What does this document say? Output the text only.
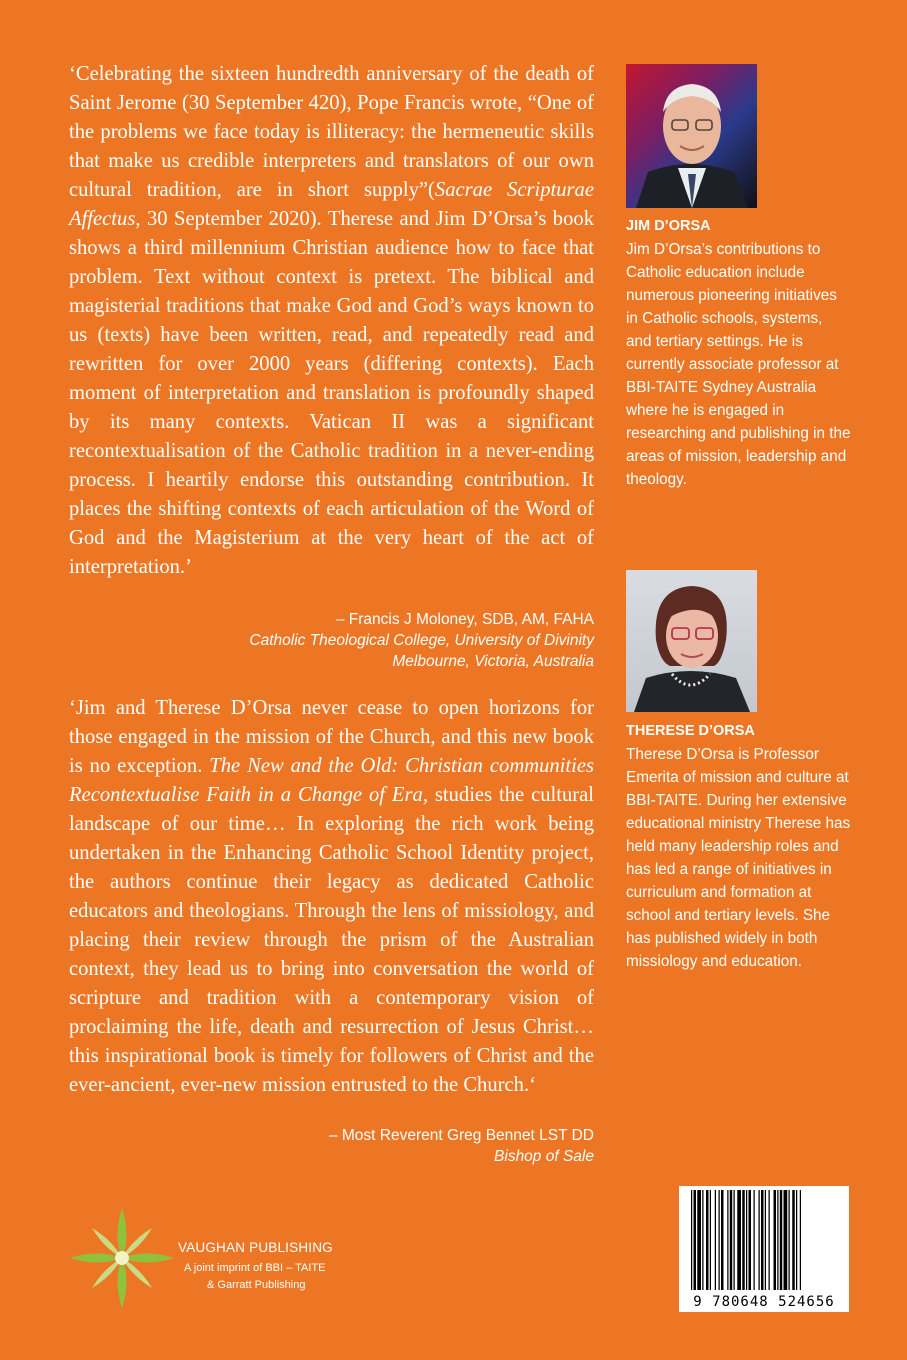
‘Celebrating the sixteen hundredth anniversary of the death of Saint Jerome (30 September 420), Pope Francis wrote, “One of the problems we face today is illiteracy: the hermeneutic skills that make us credible interpreters and translators of our own cultural tradition, are in short supply”(Sacrae Scripturae Affectus, 30 September 2020). Therese and Jim D’Orsa’s book shows a third millennium Christian audience how to face that problem. Text without context is pretext. The biblical and magisterial traditions that make God and God’s ways known to us (texts) have been written, read, and repeatedly read and rewritten for over 2000 years (differing contexts). Each moment of interpretation and translation is profoundly shaped by its many contexts. Vatican II was a significant recontextualisation of the Catholic tradition in a never-ending process. I heartily endorse this outstanding contribution. It places the shifting contexts of each articulation of the Word of God and the Magisterium at the very heart of the act of interpretation.’

– Francis J Moloney, SDB, AM, FAHA
Catholic Theological College, University of Divinity
Melbourne, Victoria, Australia

‘Jim and Therese D’Orsa never cease to open horizons for those engaged in the mission of the Church, and this new book is no exception. The New and the Old: Christian communities Recontextualise Faith in a Change of Era, studies the cultural landscape of our time… In exploring the rich work being undertaken in the Enhancing Catholic School Identity project, the authors continue their legacy as dedicated Catholic educators and theologians. Through the lens of missiology, and placing their review through the prism of the Australian context, they lead us to bring into conversation the world of scripture and tradition with a contemporary vision of proclaiming the life, death and resurrection of Jesus Christ… this inspirational book is timely for followers of Christ and the ever-ancient, ever-new mission entrusted to the Church.‘

– Most Reverent Greg Bennet LST DD
Bishop of Sale
JIM D’ORSA
Jim D’Orsa’s contributions to Catholic education include numerous pioneering initiatives in Catholic schools, systems, and tertiary settings. He is currently associate professor at BBI-TAITE Sydney Australia where he is engaged in researching and publishing in the areas of mission, leadership and theology.
THERESE D’ORSA
Therese D’Orsa is Professor Emerita of mission and culture at BBI-TAITE. During her extensive educational ministry Therese has held many leadership roles and has led a range of initiatives in curriculum and formation at school and tertiary levels. She has published widely in both missiology and education.
VAUGHAN PUBLISHING
A joint imprint of BBI – TAITE
& Garratt Publishing
9 780648 524656
